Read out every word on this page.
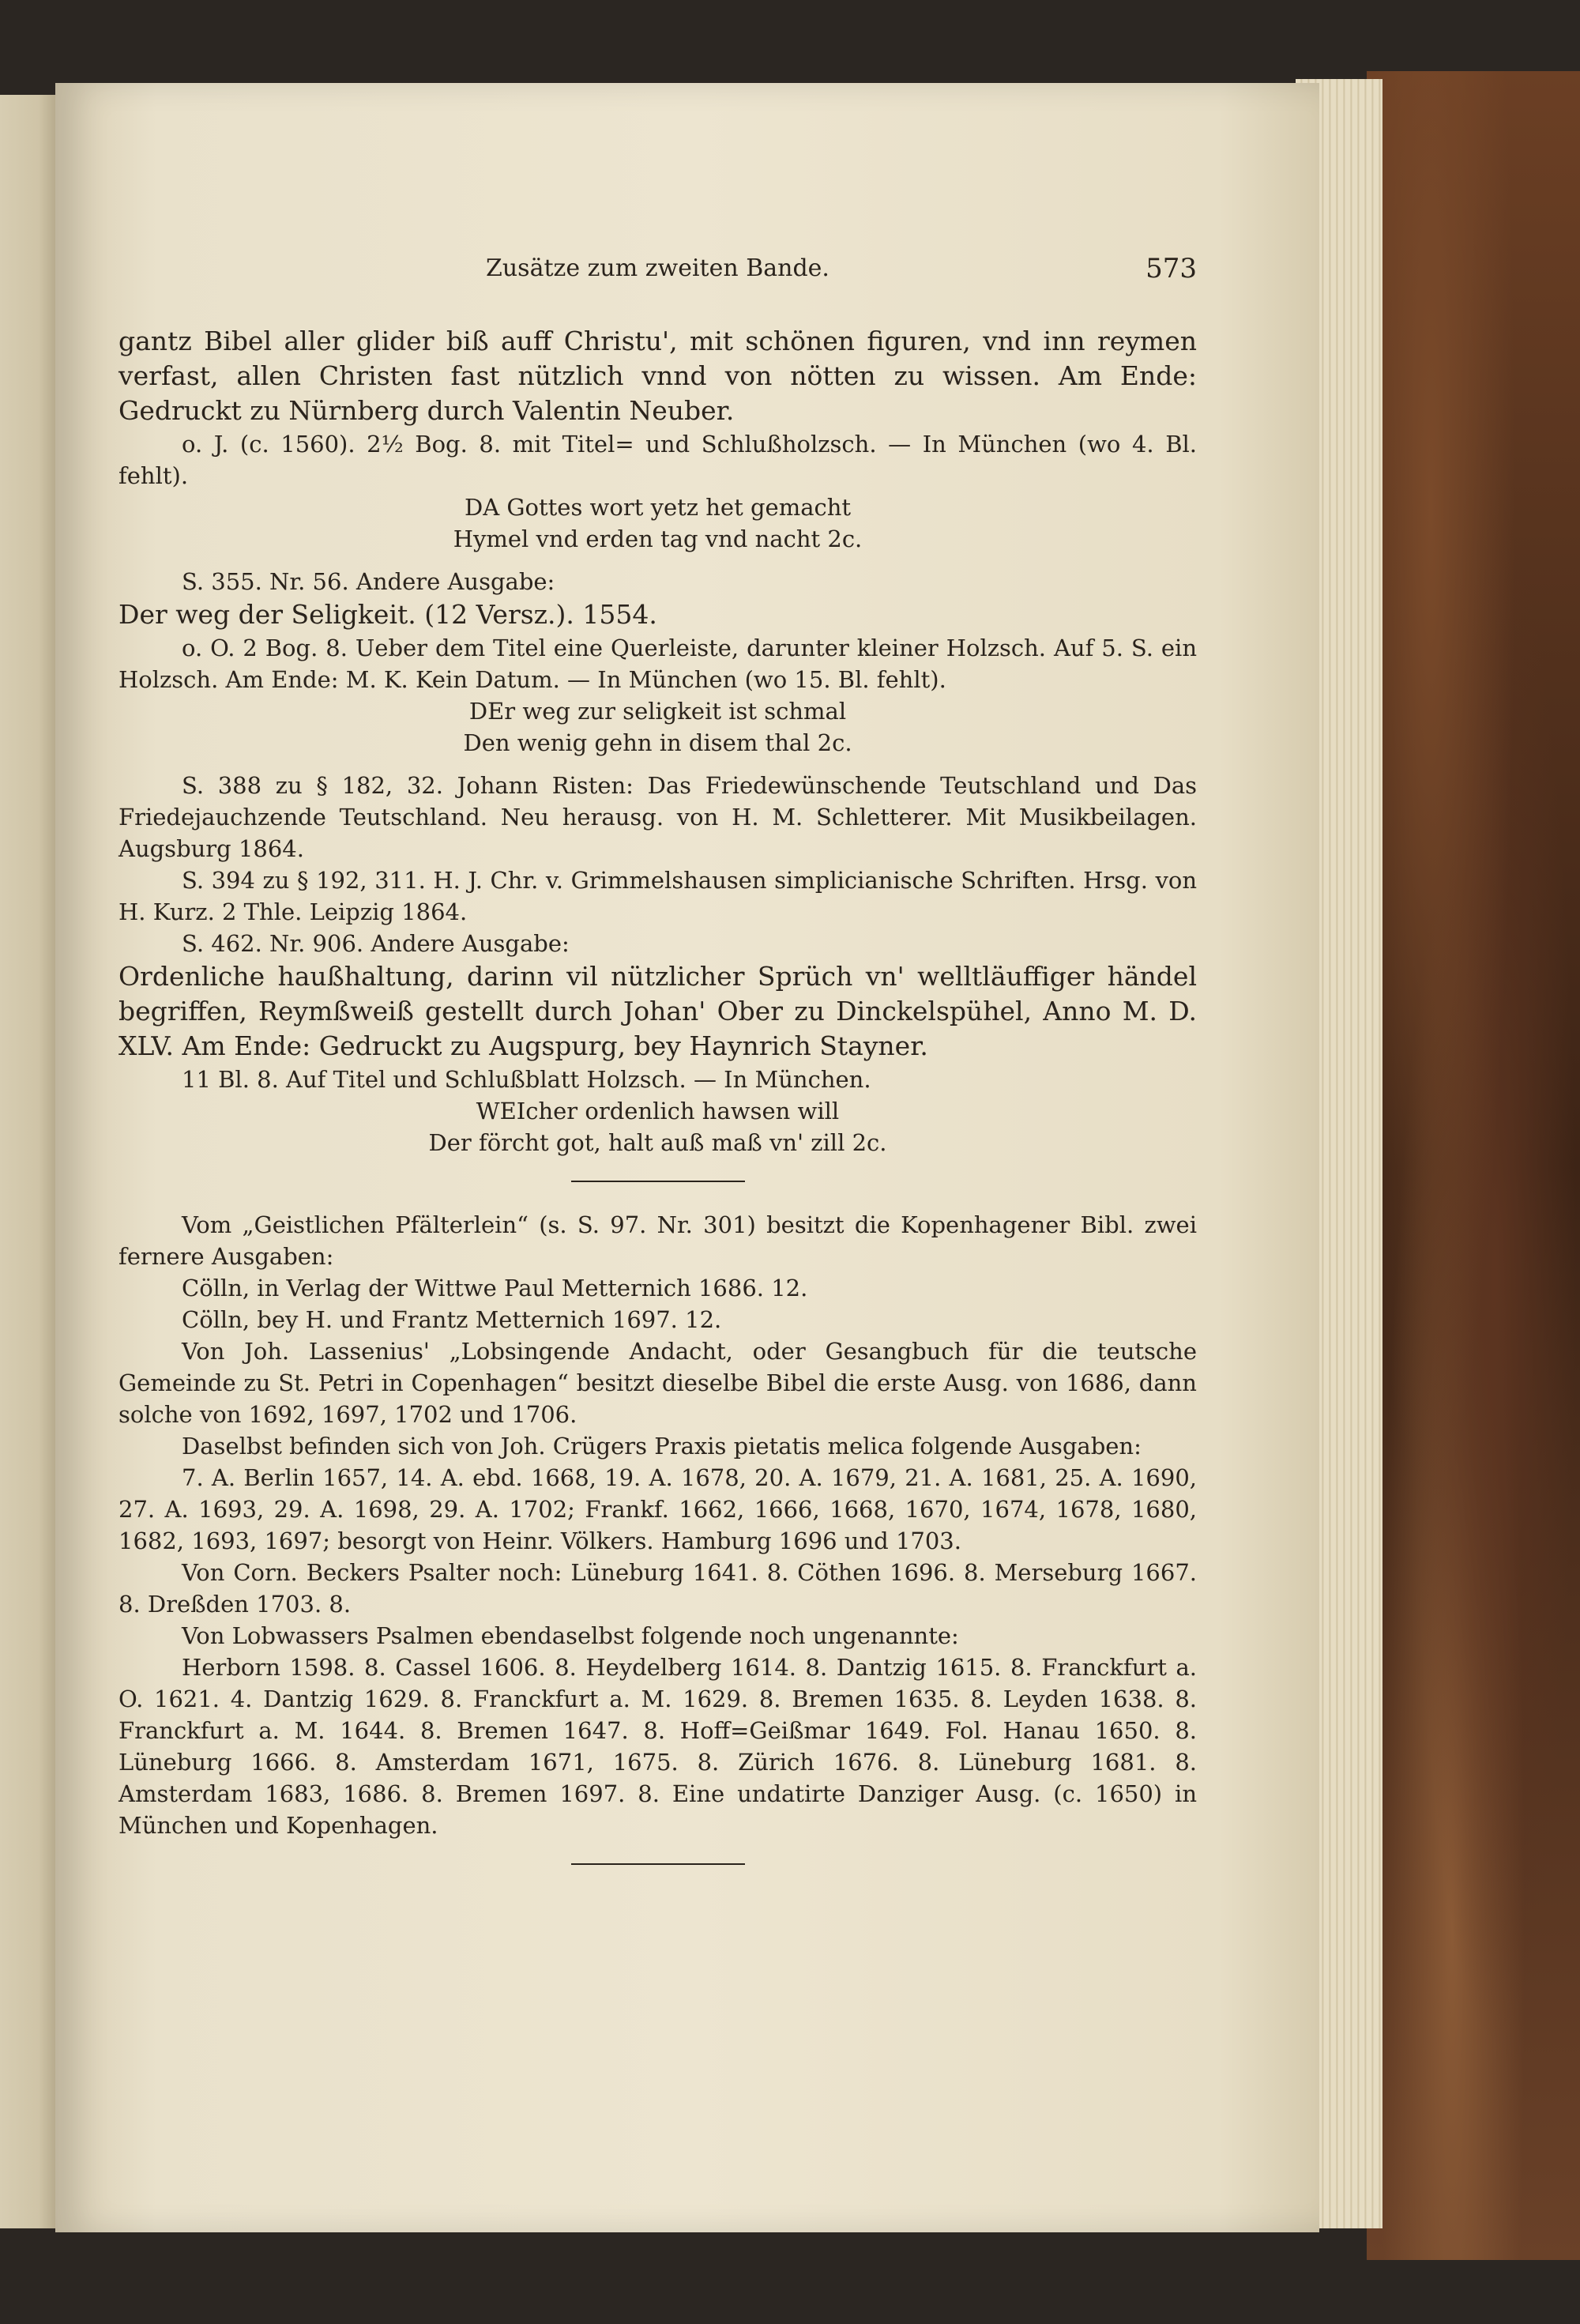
Zusätze zum zweiten Bande.	573

gantz Bibel aller glider biß auff Christu', mit schönen figuren, vnd inn reymen verfast, allen Christen fast nützlich vnnd von nötten zu wissen. Am Ende: Gedruckt zu Nürnberg durch Valentin Neuber.

o. J. (c. 1560). 2½ Bog. 8. mit Titel= und Schlußholzsch. — In München (wo 4. Bl. fehlt).

DA Gottes wort yetz het gemacht

Hymel vnd erden tag vnd nacht 2c.

S. 355. Nr. 56. Andere Ausgabe:

Der weg der Seligkeit. (12 Versz.). 1554.

o. O. 2 Bog. 8. Ueber dem Titel eine Querleiste, darunter kleiner Holzsch. Auf 5. S. ein Holzsch. Am Ende: M. K. Kein Datum. — In München (wo 15. Bl. fehlt).

DEr weg zur seligkeit ist schmal

Den wenig gehn in disem thal 2c.

S. 388 zu § 182, 32. Johann Risten: Das Friedewünschende Teutschland und Das Friedejauchzende Teutschland. Neu herausg. von H. M. Schletterer. Mit Musikbeilagen. Augsburg 1864.

S. 394 zu § 192, 311. H. J. Chr. v. Grimmelshausen simplicianische Schriften. Hrsg. von H. Kurz. 2 Thle. Leipzig 1864.

S. 462. Nr. 906. Andere Ausgabe:

Ordenliche haußhaltung, darinn vil nützlicher Sprüch vn' welltläuffiger händel begriffen, Reymßweiß gestellt durch Johan' Ober zu Dinckelspühel, Anno M. D. XLV. Am Ende: Gedruckt zu Augspurg, bey Haynrich Stayner.

11 Bl. 8. Auf Titel und Schlußblatt Holzsch. — In München.

WEIcher ordenlich hawsen will

Der förcht got, halt auß maß vn' zill 2c.

Vom „Geistlichen Pfälterlein“ (s. S. 97. Nr. 301) besitzt die Kopenhagener Bibl. zwei fernere Ausgaben:

Cölln, in Verlag der Wittwe Paul Metternich 1686. 12.

Cölln, bey H. und Frantz Metternich 1697. 12.

Von Joh. Lassenius' „Lobsingende Andacht, oder Gesangbuch für die teutsche Gemeinde zu St. Petri in Copenhagen“ besitzt dieselbe Bibel die erste Ausg. von 1686, dann solche von 1692, 1697, 1702 und 1706.

Daselbst befinden sich von Joh. Crügers Praxis pietatis melica folgende Ausgaben:

7. A. Berlin 1657, 14. A. ebd. 1668, 19. A. 1678, 20. A. 1679, 21. A. 1681, 25. A. 1690, 27. A. 1693, 29. A. 1698, 29. A. 1702; Frankf. 1662, 1666, 1668, 1670, 1674, 1678, 1680, 1682, 1693, 1697; besorgt von Heinr. Völkers. Hamburg 1696 und 1703.

Von Corn. Beckers Psalter noch: Lüneburg 1641. 8. Cöthen 1696. 8. Merseburg 1667. 8. Dreßden 1703. 8.

Von Lobwassers Psalmen ebendaselbst folgende noch ungenannte:

Herborn 1598. 8. Cassel 1606. 8. Heydelberg 1614. 8. Dantzig 1615. 8. Franckfurt a. O. 1621. 4. Dantzig 1629. 8. Franckfurt a. M. 1629. 8. Bremen 1635. 8. Leyden 1638. 8. Franckfurt a. M. 1644. 8. Bremen 1647. 8. Hoff=Geißmar 1649. Fol. Hanau 1650. 8. Lüneburg 1666. 8. Amsterdam 1671, 1675. 8. Zürich 1676. 8. Lüneburg 1681. 8. Amsterdam 1683, 1686. 8. Bremen 1697. 8. Eine undatirte Danziger Ausg. (c. 1650) in München und Kopenhagen.
